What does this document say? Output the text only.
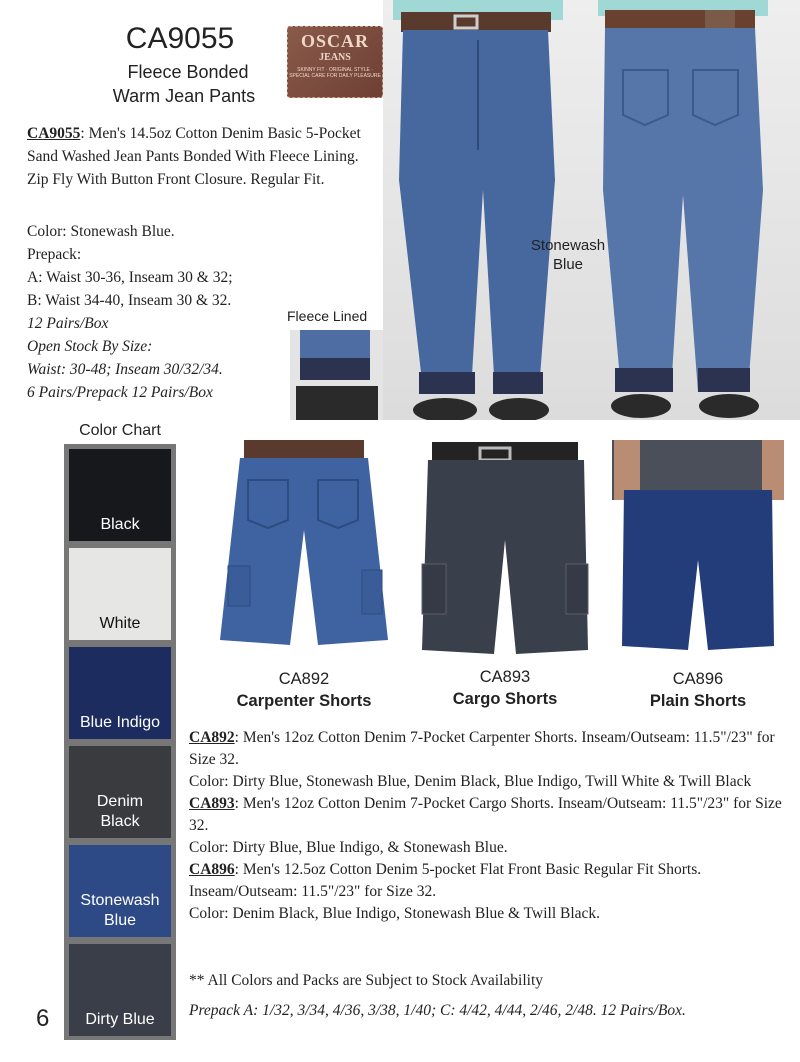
CA9055
Fleece Bonded
Warm Jean Pants
OSCAR
JEANS
SKINNY FIT · ORIGINAL STYLE · SPECIAL CARE FOR DAILY PLEASURE
CA9055: Men's 14.5oz Cotton Denim Basic 5-Pocket Sand Washed Jean Pants Bonded With Fleece Lining. Zip Fly With Button Front Closure. Regular Fit.
Color: Stonewash Blue.
Prepack:
A: Waist 30-36, Inseam 30 & 32;
B: Waist 34-40, Inseam 30 & 32.
12 Pairs/Box
Open Stock By Size:
Waist: 30-48; Inseam 30/32/34.
6 Pairs/Prepack 12 Pairs/Box
Stonewash
Blue
Fleece Lined
Color Chart
Black
White
Blue Indigo
Denim
Black
Stonewash
Blue
Dirty Blue
6
CA892
Carpenter Shorts
CA893
Cargo Shorts
CA896
Plain Shorts

CA892: Men's 12oz Cotton Denim 7-Pocket Carpenter Shorts. Inseam/Outseam: 11.5"/23" for Size 32.

Color: Dirty Blue, Stonewash Blue, Denim Black, Blue Indigo, Twill White & Twill Black

CA893: Men's 12oz Cotton Denim 7-Pocket Cargo Shorts. Inseam/Outseam: 11.5"/23" for Size 32.

Color: Dirty Blue, Blue Indigo, & Stonewash Blue.

CA896: Men's 12.5oz Cotton Denim 5-pocket Flat Front Basic Regular Fit Shorts. Inseam/Outseam: 11.5"/23" for Size 32.

Color: Denim Black, Blue Indigo, Stonewash Blue & Twill Black.

** All Colors and Packs are Subject to Stock Availability
Prepack A: 1/32, 3/34, 4/36, 3/38, 1/40; C: 4/42, 4/44, 2/46, 2/48. 12 Pairs/Box.
